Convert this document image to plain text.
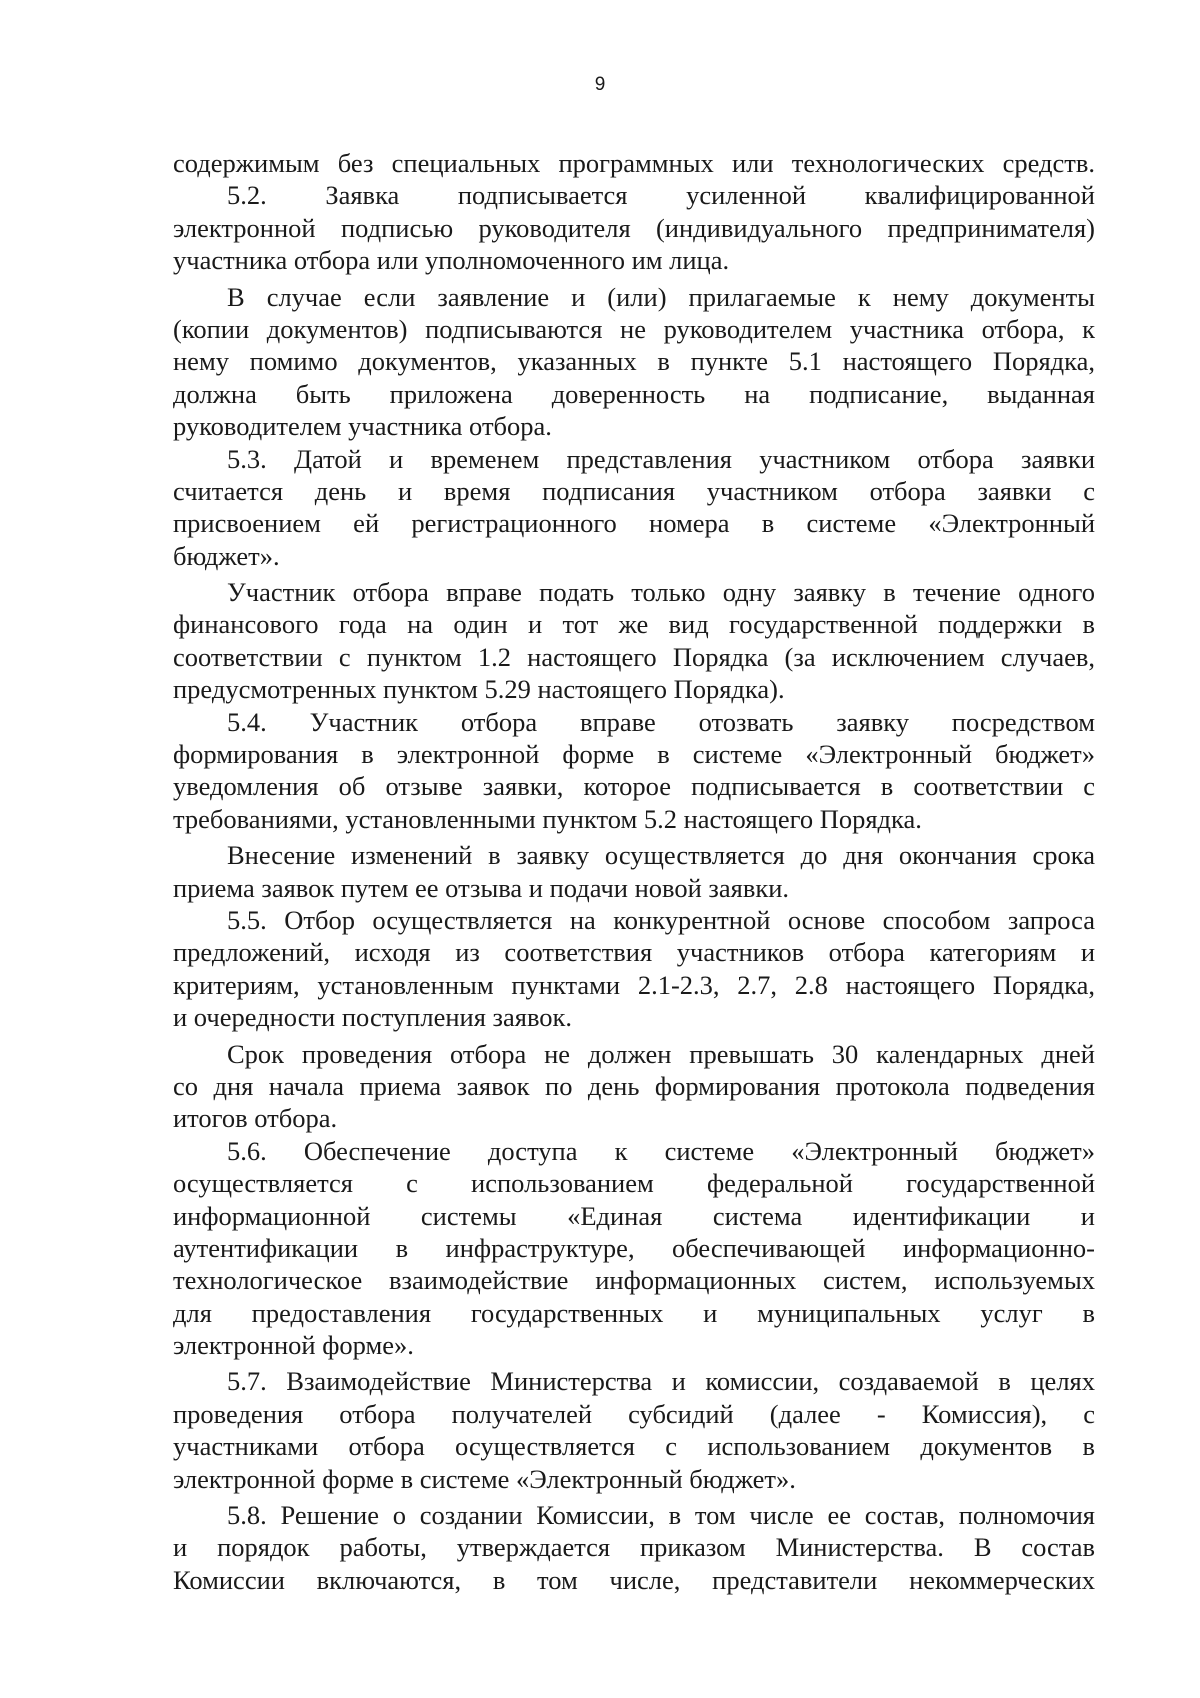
9
содержимым без специальных программных или технологических средств.
5.2. Заявка подписывается усиленной квалифицированной
электронной подписью руководителя (индивидуального предпринимателя)
участника отбора или уполномоченного им лица.
В случае если заявление и (или) прилагаемые к нему документы
(копии документов) подписываются не руководителем участника отбора, к
нему помимо документов, указанных в пункте 5.1 настоящего Порядка,
должна быть приложена доверенность на подписание, выданная
руководителем участника отбора.
5.3. Датой и временем представления участником отбора заявки
считается день и время подписания участником отбора заявки с
присвоением ей регистрационного номера в системе «Электронный
бюджет».
Участник отбора вправе подать только одну заявку в течение одного
финансового года на один и тот же вид государственной поддержки в
соответствии с пунктом 1.2 настоящего Порядка (за исключением случаев,
предусмотренных пунктом 5.29 настоящего Порядка).
5.4. Участник отбора вправе отозвать заявку посредством
формирования в электронной форме в системе «Электронный бюджет»
уведомления об отзыве заявки, которое подписывается в соответствии с
требованиями, установленными пунктом 5.2 настоящего Порядка.
Внесение изменений в заявку осуществляется до дня окончания срока
приема заявок путем ее отзыва и подачи новой заявки.
5.5. Отбор осуществляется на конкурентной основе способом запроса
предложений, исходя из соответствия участников отбора категориям и
критериям, установленным пунктами 2.1-2.3, 2.7, 2.8 настоящего Порядка,
и очередности поступления заявок.
Срок проведения отбора не должен превышать 30 календарных дней
со дня начала приема заявок по день формирования протокола подведения
итогов отбора.
5.6. Обеспечение доступа к системе «Электронный бюджет»
осуществляется с использованием федеральной государственной
информационной системы «Единая система идентификации и
аутентификации в инфраструктуре, обеспечивающей информационно-
технологическое взаимодействие информационных систем, используемых
для предоставления государственных и муниципальных услуг в
электронной форме».
5.7. Взаимодействие Министерства и комиссии, создаваемой в целях
проведения отбора получателей субсидий (далее - Комиссия), с
участниками отбора осуществляется с использованием документов в
электронной форме в системе «Электронный бюджет».
5.8. Решение о создании Комиссии, в том числе ее состав, полномочия
и порядок работы, утверждается приказом Министерства. В состав
Комиссии включаются, в том числе, представители некоммерческих
